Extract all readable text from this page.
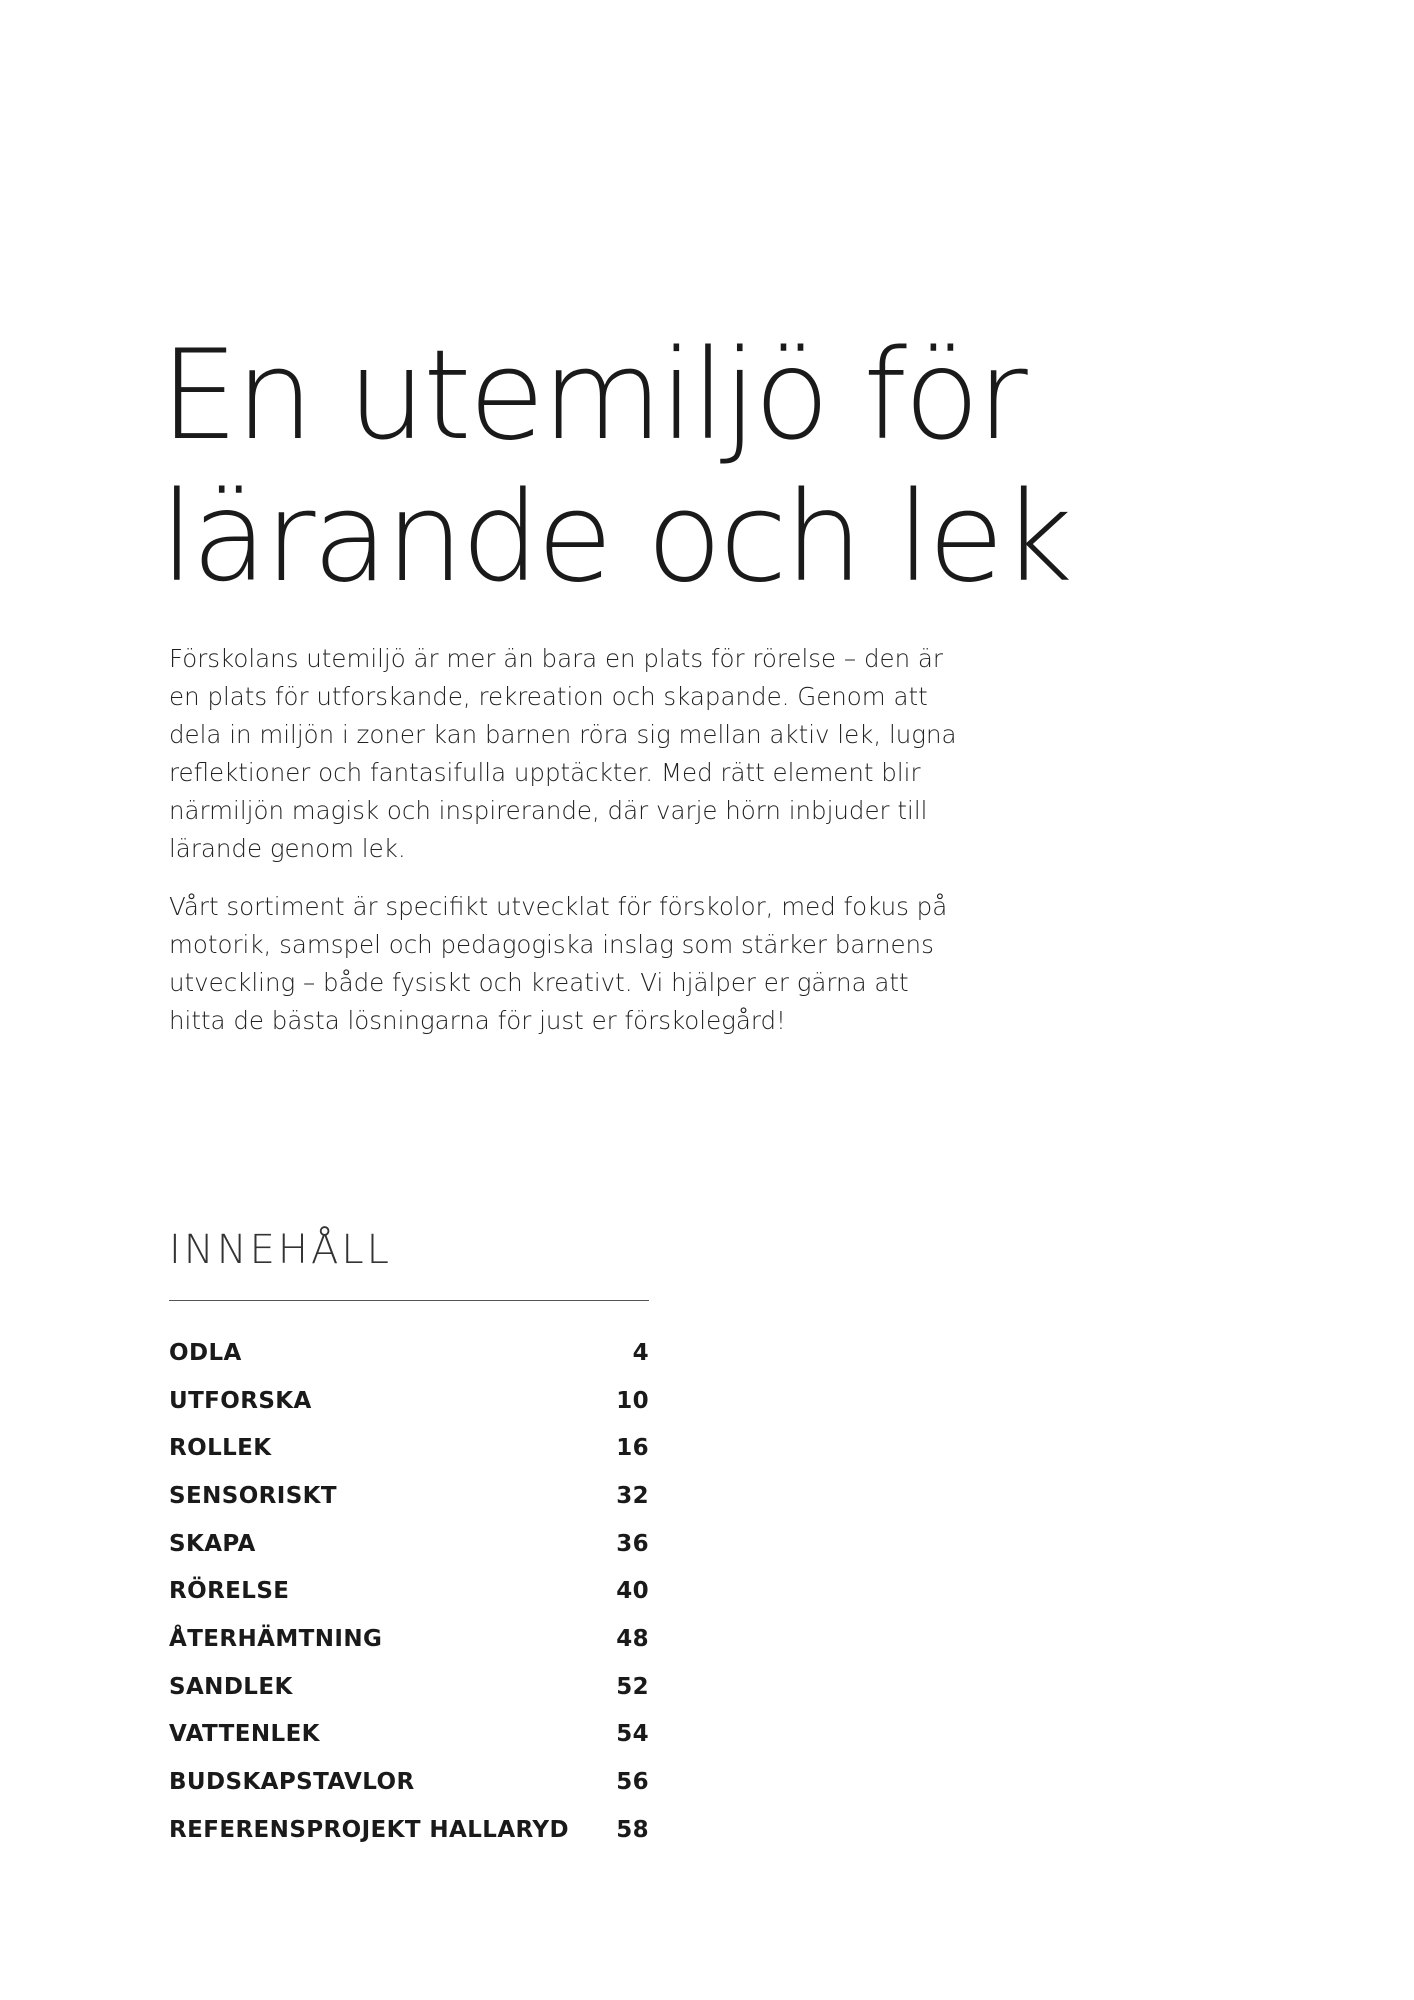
En utemiljö för
lärande och lek

Förskolans utemiljö är mer än bara en plats för rörelse – den är en plats för utforskande, rekreation och skapande. Genom att dela in miljön i zoner kan barnen röra sig mellan aktiv lek, lugna reflektioner och fantasifulla upptäckter. Med rätt element blir närmiljön magisk och inspirerande, där varje hörn inbjuder till lärande genom lek.

Vårt sortiment är specifikt utvecklat för förskolor, med fokus på motorik, samspel och pedagogiska inslag som stärker barnens utveckling – både fysiskt och kreativt. Vi hjälper er gärna att hitta de bästa lösningarna för just er förskolegård!

INNEHÅLL
ODLA	4
UTFORSKA	10
ROLLEK	16
SENSORISKT	32
SKAPA	36
RÖRELSE	40
ÅTERHÄMTNING	48
SANDLEK	52
VATTENLEK	54
BUDSKAPSTAVLOR	56
REFERENSPROJEKT HALLARYD 58
